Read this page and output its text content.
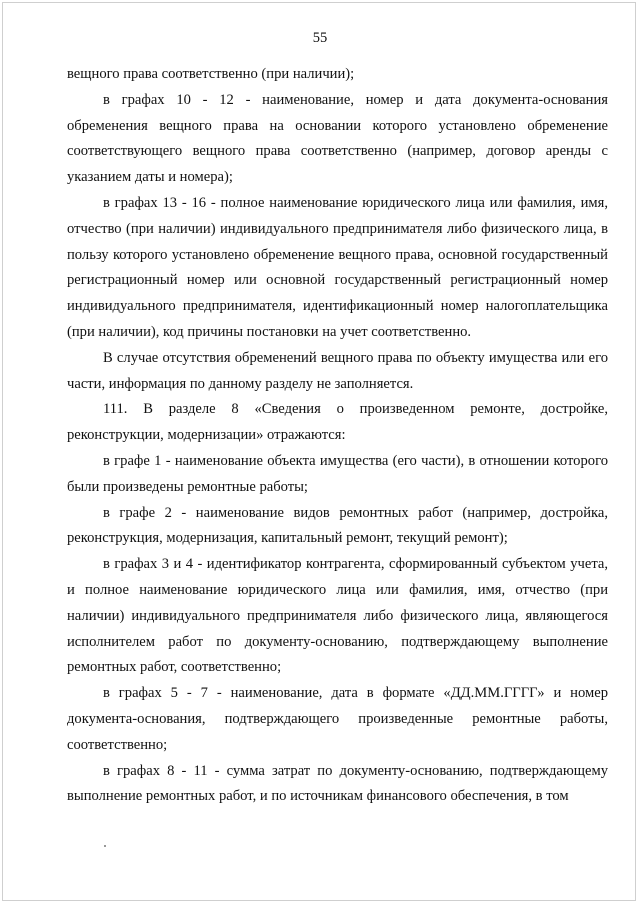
55

вещного права соответственно (при наличии);

в графах 10 - 12 - наименование, номер и дата документа-основания обременения вещного права на основании которого установлено обременение соответствующего вещного права соответственно (например, договор аренды с указанием даты и номера);

в графах 13 - 16 - полное наименование юридического лица или фамилия, имя, отчество (при наличии) индивидуального предпринимателя либо физического лица, в пользу которого установлено обременение вещного права, основной государственный регистрационный номер или основной государственный регистрационный номер индивидуального предпринимателя, идентификационный номер налогоплательщика (при наличии), код причины постановки на учет соответственно.

В случае отсутствия обременений вещного права по объекту имущества или его части, информация по данному разделу не заполняется.

111. В разделе 8 «Сведения о произведенном ремонте, достройке, реконструкции, модернизации» отражаются:

в графе 1 - наименование объекта имущества (его части), в отношении которого были произведены ремонтные работы;

в графе 2 - наименование видов ремонтных работ (например, достройка, реконструкция, модернизация, капитальный ремонт, текущий ремонт);

в графах 3 и 4 - идентификатор контрагента, сформированный субъектом учета, и полное наименование юридического лица или фамилия, имя, отчество (при наличии) индивидуального предпринимателя либо физического лица, являющегося исполнителем работ по документу-основанию, подтверждающему выполнение ремонтных работ, соответственно;

в графах 5 - 7 - наименование, дата в формате «ДД.ММ.ГГГГ» и номер документа-основания, подтверждающего произведенные ремонтные работы, соответственно;

в графах 8 - 11 - сумма затрат по документу-основанию, подтверждающему выполнение ремонтных работ, и по источникам финансового обеспечения, в том
